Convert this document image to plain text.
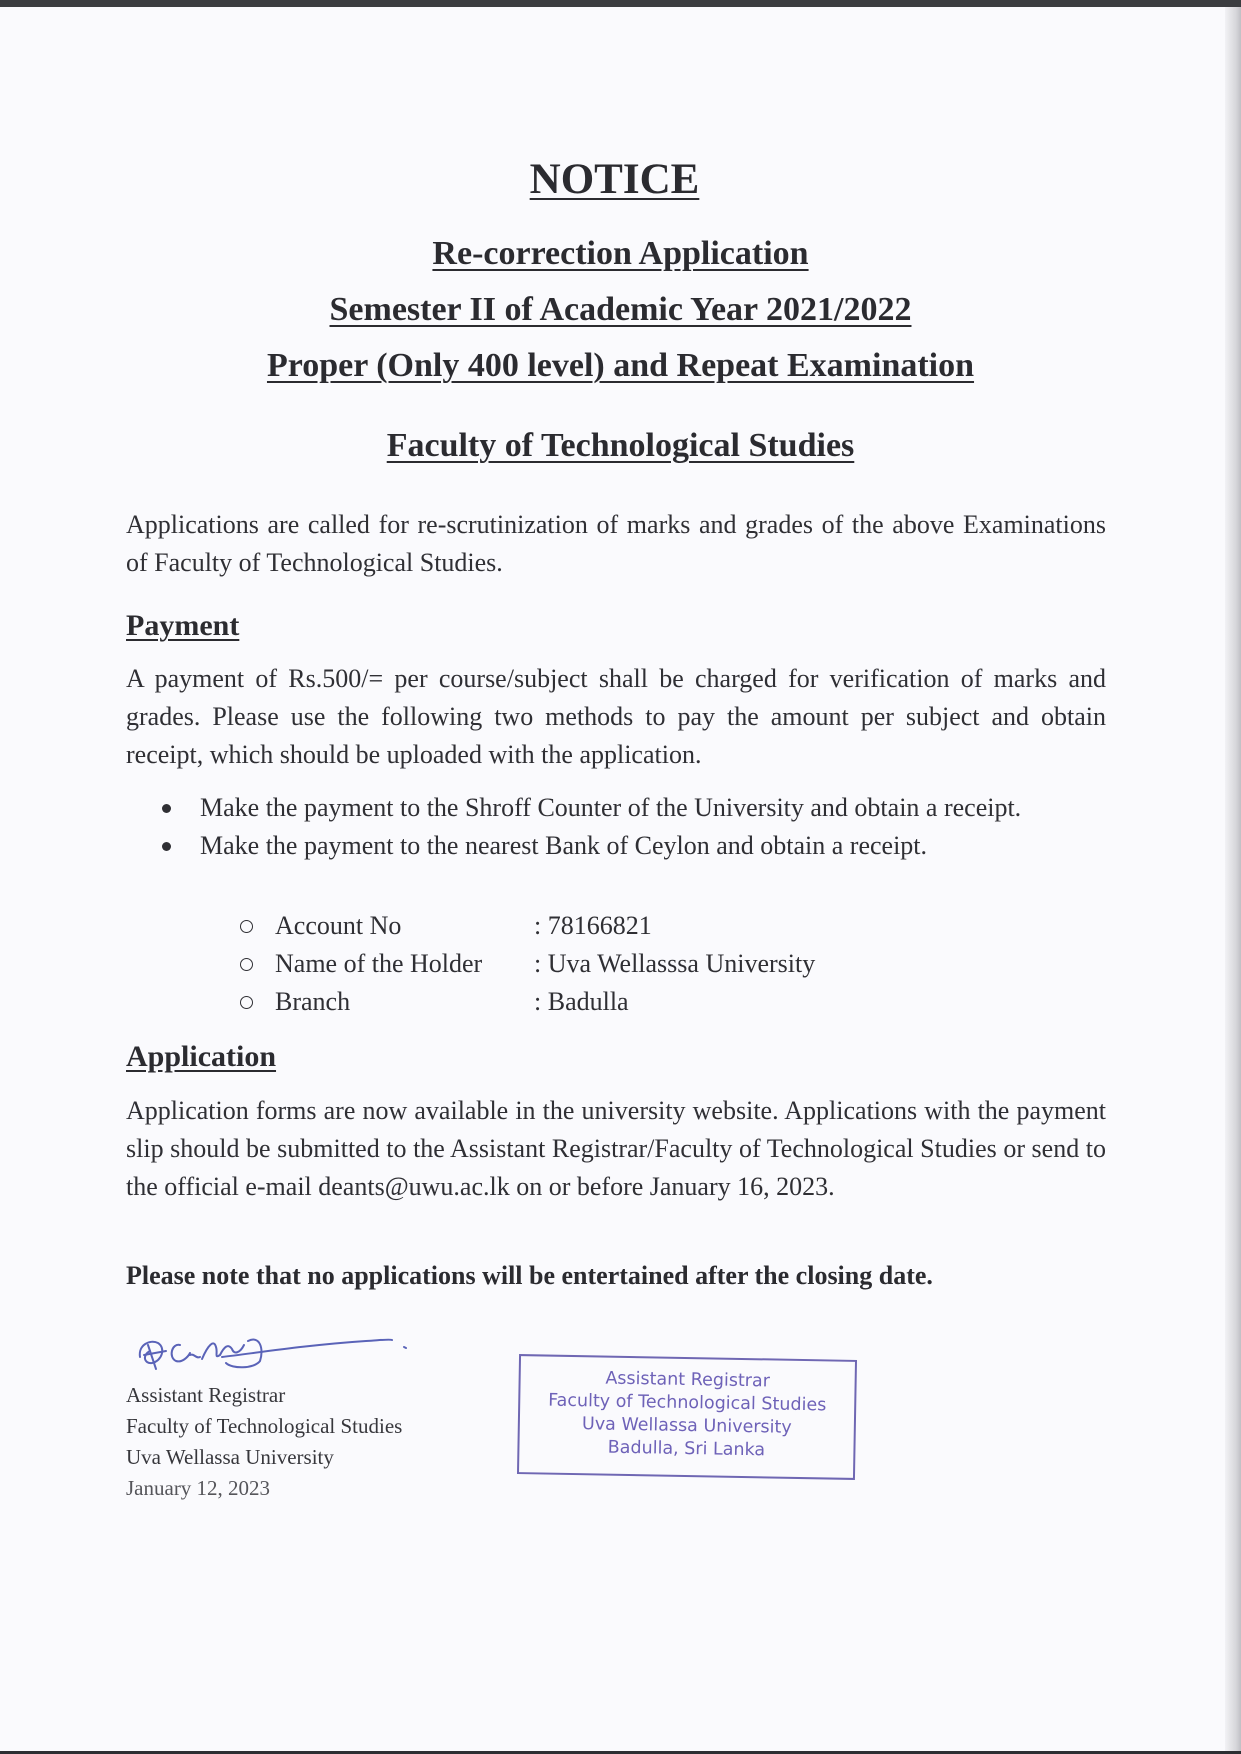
NOTICE
Re-correction Application
Semester II of Academic Year 2021/2022
Proper (Only 400 level) and Repeat Examination
Faculty of Technological Studies

Applications are called for re-scrutinization of marks and grades of the above Examinations of Faculty of Technological Studies.

Payment

A payment of Rs.500/= per course/subject shall be charged for verification of marks and grades. Please use the following two methods to pay the amount per subject and obtain receipt, which should be uploaded with the application.

Make the payment to the Shroff Counter of the University and obtain a receipt.
Make the payment to the nearest Bank of Ceylon and obtain a receipt.
Account No	: 78166821
Name of the Holder : Uva Wellasssa University
Branch	: Badulla
Application

Application forms are now available in the university website. Applications with the payment slip should be submitted to the Assistant Registrar/Faculty of Technological Studies or send to the official e-mail deants@uwu.ac.lk on or before January 16, 2023.

Please note that no applications will be entertained after the closing date.

Assistant Registrar
Faculty of Technological Studies
Uva Wellassa University
January 12, 2023
Assistant Registrar
Faculty of Technological Studies
Uva Wellassa University
Badulla, Sri Lanka
